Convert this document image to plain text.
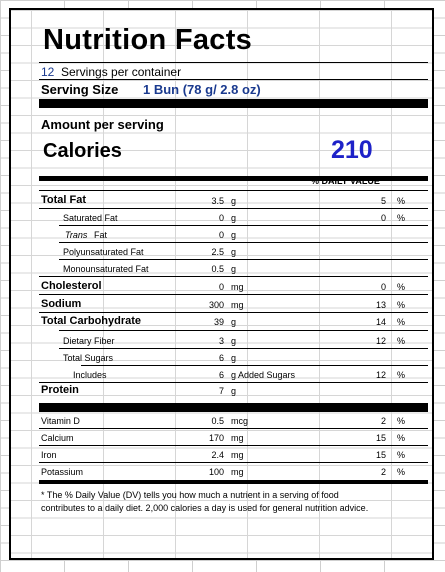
Nutrition Facts
12 Servings per container
Serving Size 1 Bun (78 g/ 2.8 oz)
Amount per serving
Calories	210
% DAILY VALUE *
Total Fat	3.5 g	5 %
Saturated Fat	0 g	0 %
Trans Fat	0 g
Polyunsaturated Fat	2.5 g
Monounsaturated Fat	0.5 g
Cholesterol	0 mg	0 %
Sodium	300 mg	13 %
Total Carbohydrate	39 g	14 %
Dietary Fiber	3 g	12 %
Total Sugars	6 g
Includes	6 g Added Sugars	12 %
Protein	7 g
Vitamin D	0.5 mcg	2 %
Calcium	170 mg	15 %
Iron	2.4 mg	15 %
Potassium	100 mg	2 %
* The % Daily Value (DV) tells you how much a nutrient in a serving of food
contributes to a daily diet. 2,000 calories a day is used for general nutrition advice.
